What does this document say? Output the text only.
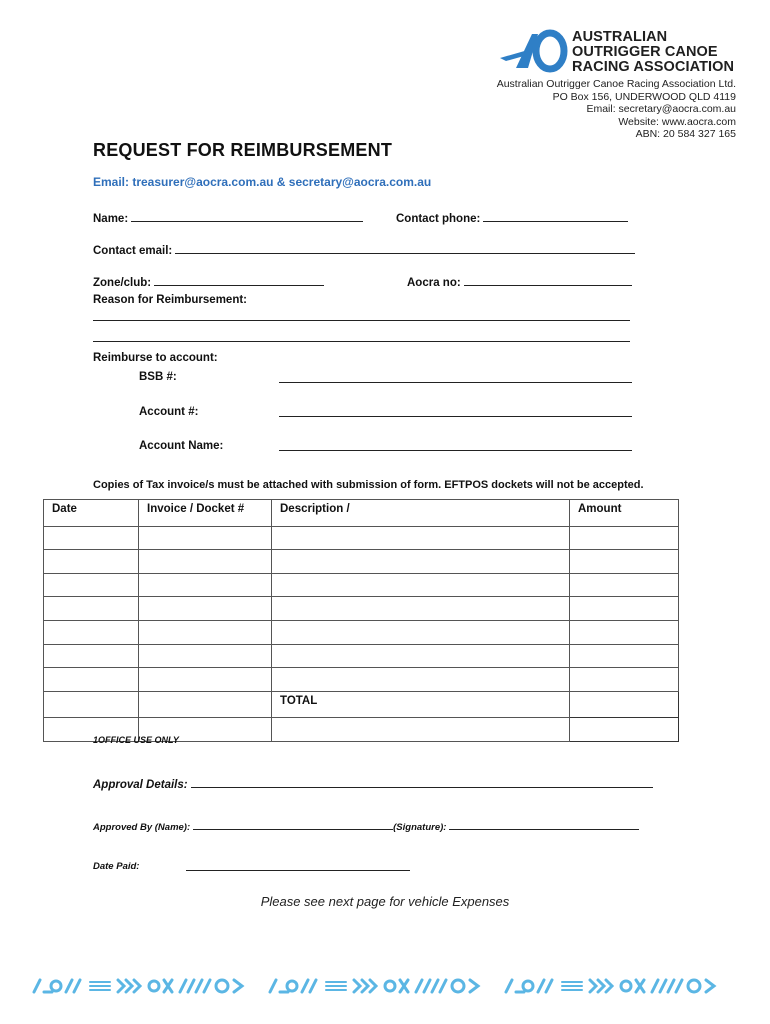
AUSTRALIAN
OUTRIGGER CANOE
RACING ASSOCIATION
Australian Outrigger Canoe Racing Association Ltd.
PO Box 156, UNDERWOOD QLD 4119
Email: secretary@aocra.com.au
Website: www.aocra.com
ABN: 20 584 327 165
REQUEST FOR REIMBURSEMENT
Email: treasurer@aocra.com.au & secretary@aocra.com.au
Name:	Contact phone:
Contact email:
Zone/club:	Aocra no:
Reason for Reimbursement:
Reimburse to account:
BSB #:
Account #:
Account Name:
Copies of Tax invoice/s must be attached with submission of form. EFTPOS dockets will not be accepted.
Date	Invoice / Docket #	Description /	Amount

		TOTAL	

1OFFICE USE ONLY
Approval Details:
Approved By (Name):	(Signature):
Date Paid:
Please see next page for vehicle Expenses
